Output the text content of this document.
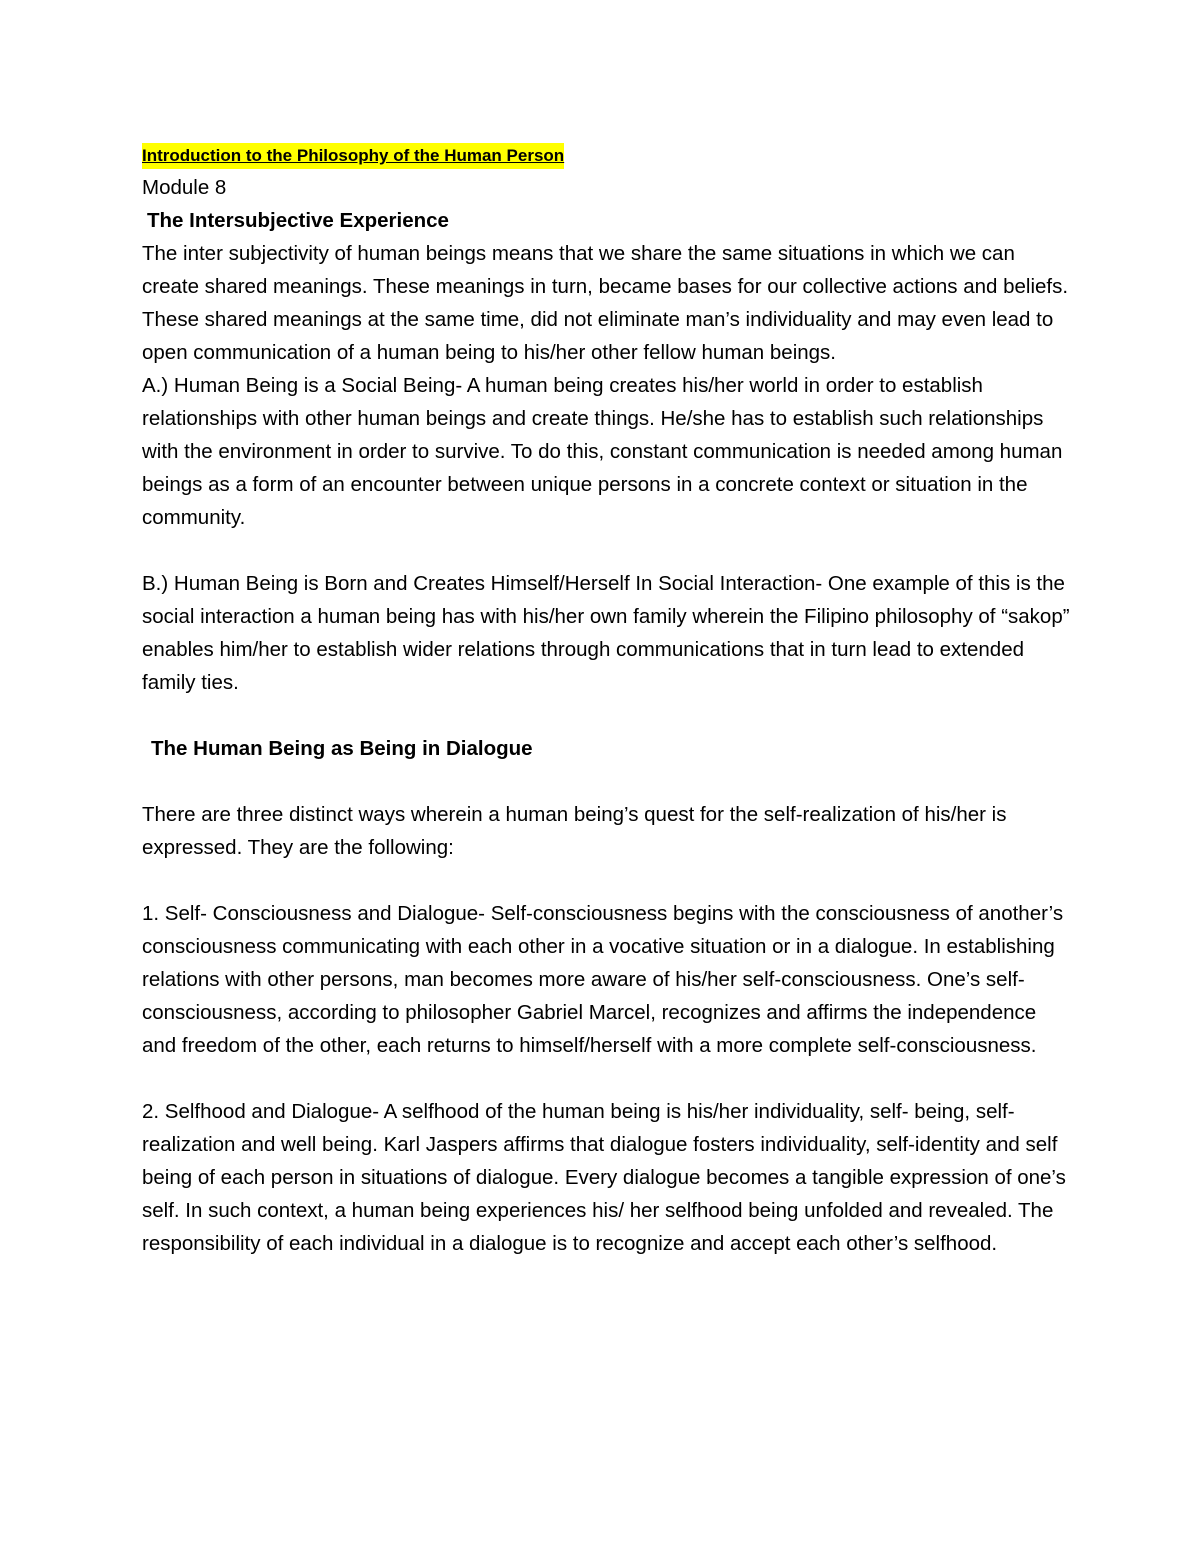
Introduction to the Philosophy of the Human Person

Module 8

The Intersubjective Experience

The inter subjectivity of human beings means that we share the same situations in which we can create shared meanings. These meanings in turn, became bases for our collective actions and beliefs. These shared meanings at the same time, did not eliminate man’s individuality and may even lead to open communication of a human being to his/her other fellow human beings.

A.) Human Being is a Social Being- A human being creates his/her world in order to establish relationships with other human beings and create things. He/she has to establish such relationships with the environment in order to survive. To do this, constant communication is needed among human beings as a form of an encounter between unique persons in a concrete context or situation in the community.

B.) Human Being is Born and Creates Himself/Herself In Social Interaction- One example of this is the social interaction a human being has with his/her own family wherein the Filipino philosophy of “sakop” enables him/her to establish wider relations through communications that in turn lead to extended family ties.

The Human Being as Being in Dialogue

There are three distinct ways wherein a human being’s quest for the self-realization of his/her is expressed. They are the following:

1. Self- Consciousness and Dialogue- Self-consciousness begins with the consciousness of another’s consciousness communicating with each other in a vocative situation or in a dialogue. In establishing relations with other persons, man becomes more aware of his/her self-consciousness. One’s self-consciousness, according to philosopher Gabriel Marcel, recognizes and affirms the independence and freedom of the other, each returns to himself/herself with a more complete self-consciousness.

2. Selfhood and Dialogue- A selfhood of the human being is his/her individuality, self- being, self-realization and well being. Karl Jaspers affirms that dialogue fosters individuality, self-identity and self being of each person in situations of dialogue. Every dialogue becomes a tangible expression of one’s self. In such context, a human being experiences his/ her selfhood being unfolded and revealed. The responsibility of each individual in a dialogue is to recognize and accept each other’s selfhood.
